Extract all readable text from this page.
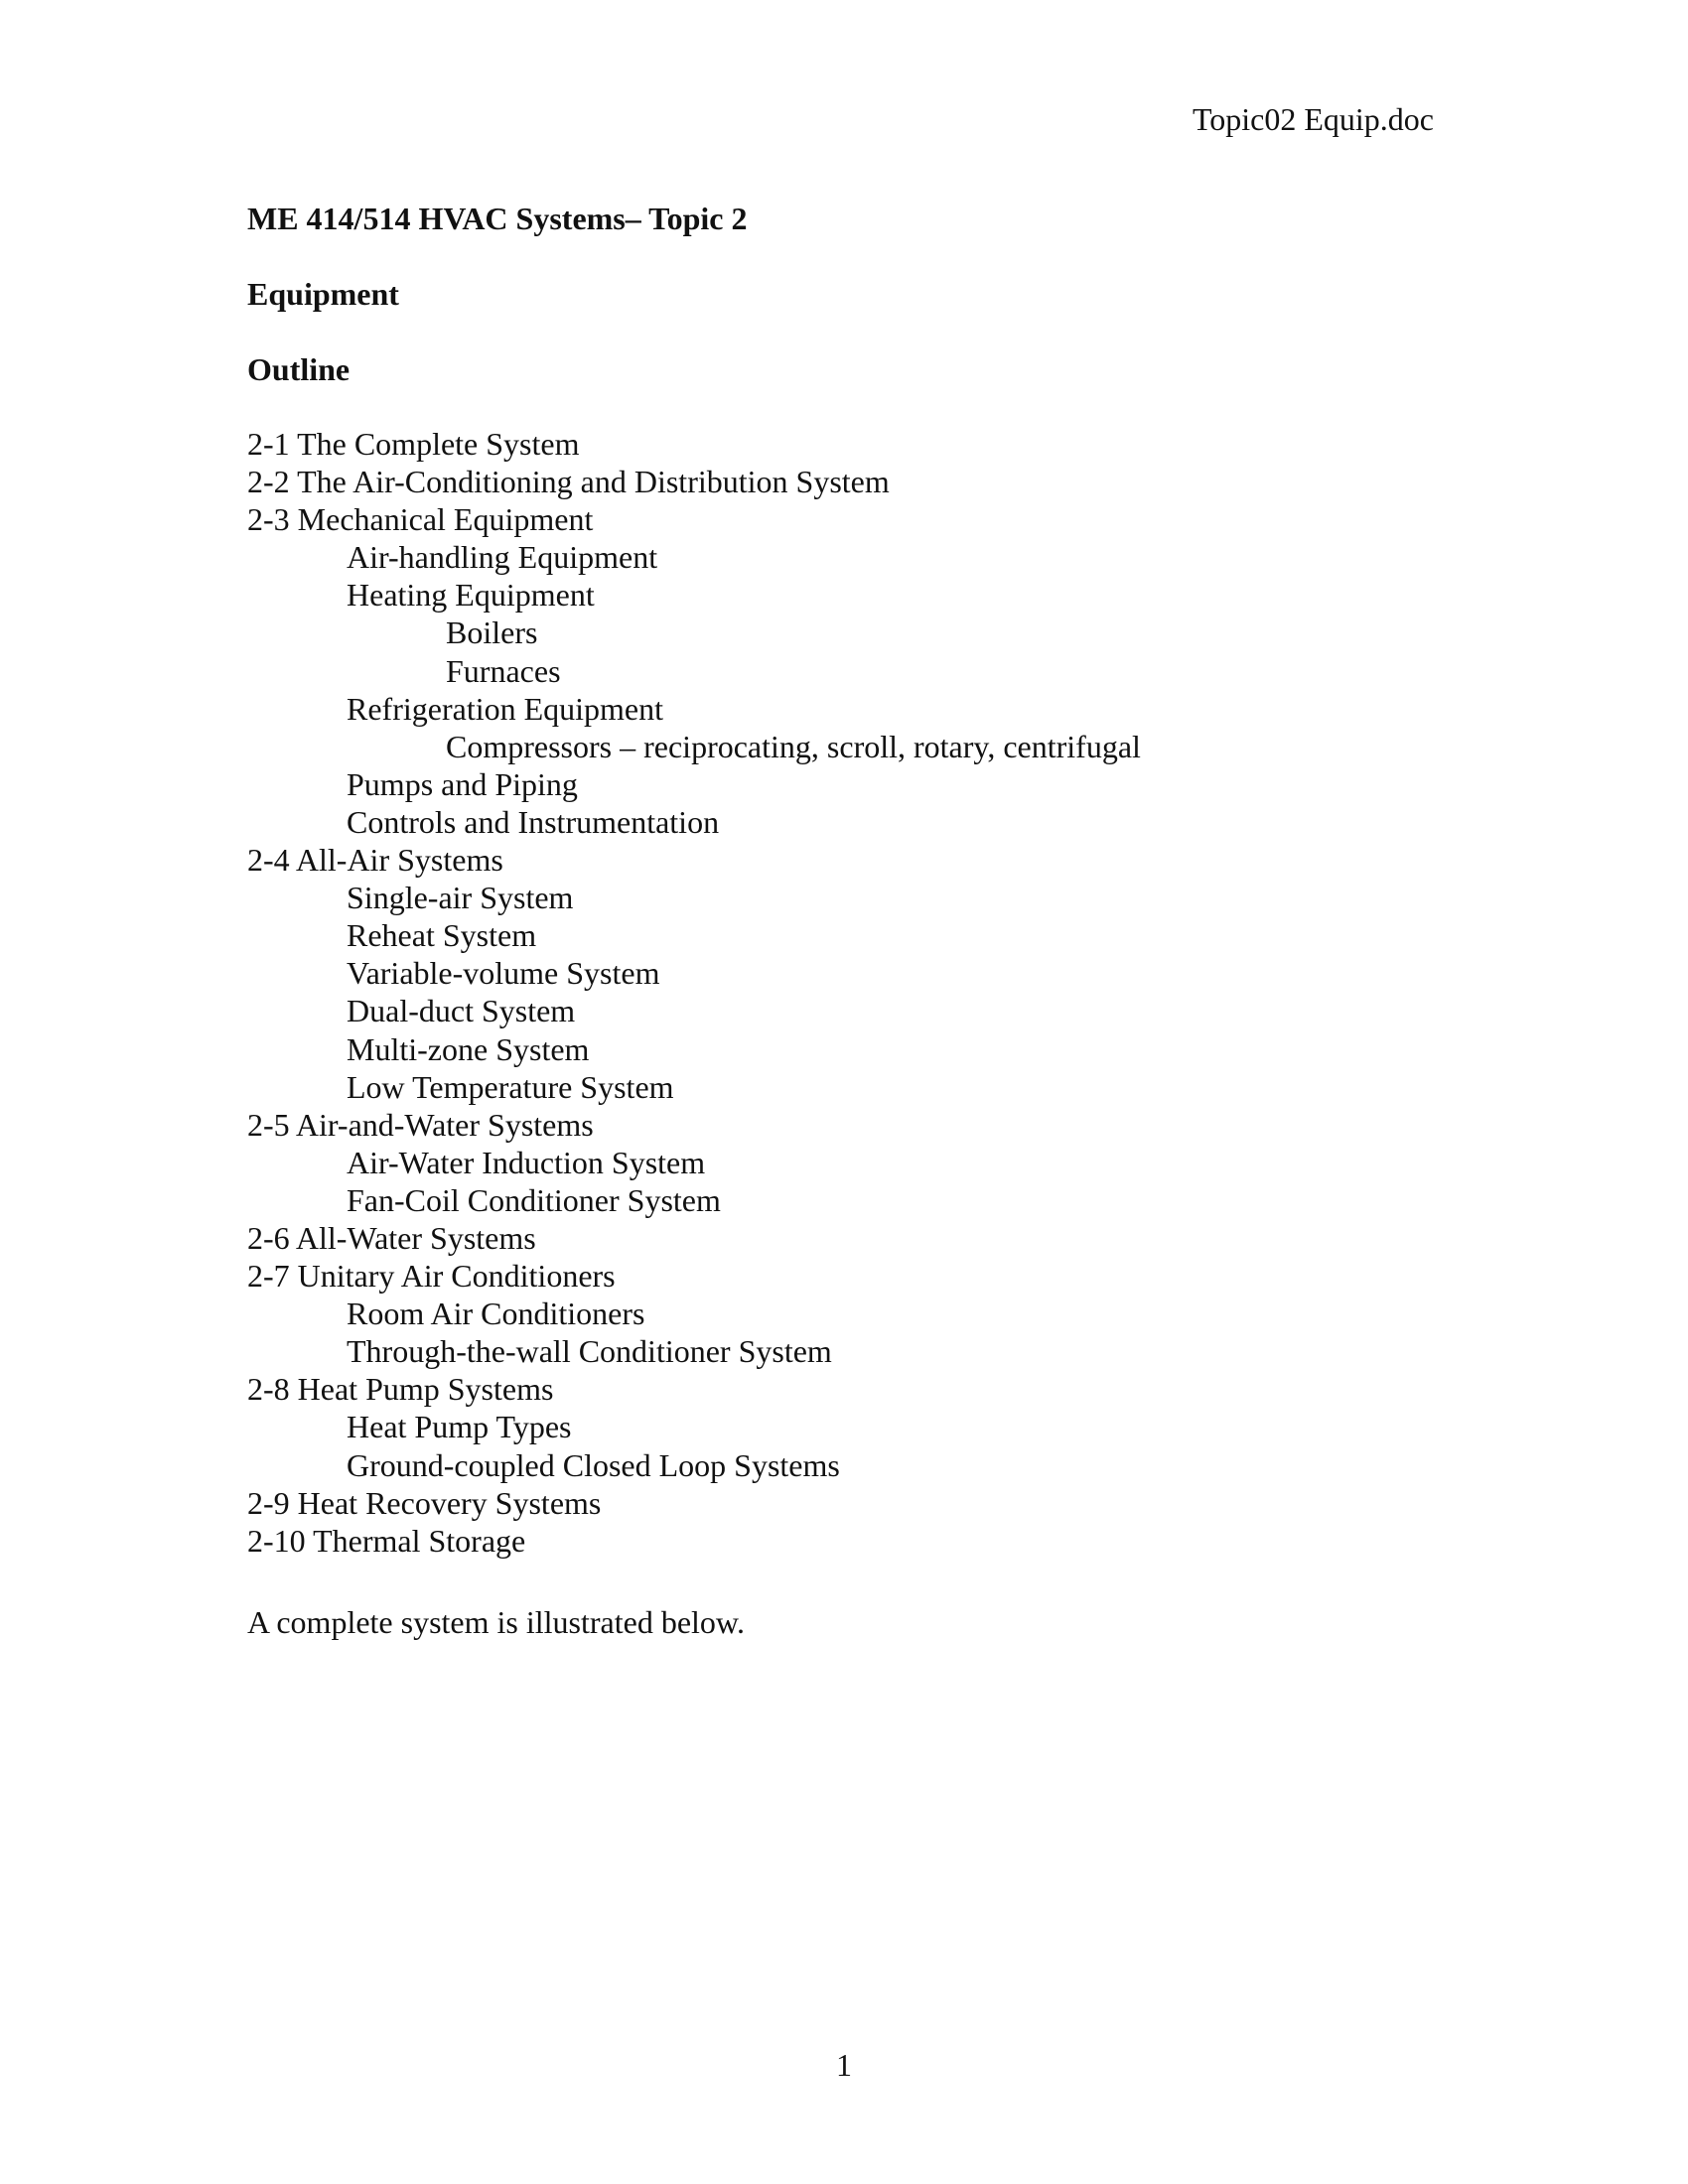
Topic02 Equip.doc
ME 414/514 HVAC Systems– Topic 2
Equipment
Outline
2-1 The Complete System
2-2 The Air-Conditioning and Distribution System
2-3 Mechanical Equipment
Air-handling Equipment
Heating Equipment
Boilers
Furnaces
Refrigeration Equipment
Compressors – reciprocating, scroll, rotary, centrifugal
Pumps and Piping
Controls and Instrumentation
2-4 All-Air Systems
Single-air System
Reheat System
Variable-volume System
Dual-duct System
Multi-zone System
Low Temperature System
2-5 Air-and-Water Systems
Air-Water Induction System
Fan-Coil Conditioner System
2-6 All-Water Systems
2-7 Unitary Air Conditioners
Room Air Conditioners
Through-the-wall Conditioner System
2-8 Heat Pump Systems
Heat Pump Types
Ground-coupled Closed Loop Systems
2-9 Heat Recovery Systems
2-10 Thermal Storage
A complete system is illustrated below.
1
